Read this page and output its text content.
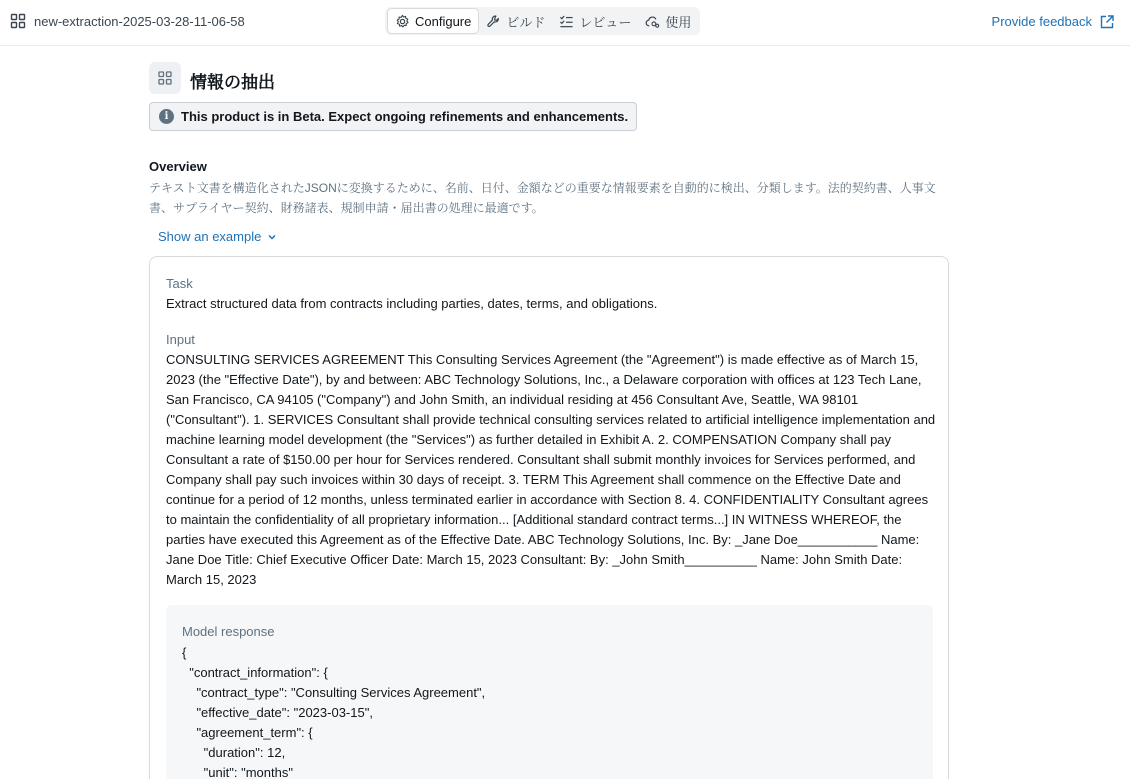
new-extraction-2025-03-28-11-06-58	Configure	ビルド	レビュー	使用	Provide feedback
情報の抽出
i This product is in Beta. Expect ongoing refinements and enhancements.
Overview
テキスト文書を構造化されたJSONに変換するために、名前、日付、金額などの重要な情報要素を自動的に検出、分類します。法的契約書、人事文書、サプライヤー契約、財務諸表、規制申請・届出書の処理に最適です。
Show an example
Task
Extract structured data from contracts including parties, dates, terms, and obligations.
Input
CONSULTING SERVICES AGREEMENT This Consulting Services Agreement (the "Agreement") is made effective as of March 15, 2023 (the "Effective Date"), by and between: ABC Technology Solutions, Inc., a Delaware corporation with offices at 123 Tech Lane, San Francisco, CA 94105 ("Company") and John Smith, an individual residing at 456 Consultant Ave, Seattle, WA 98101 ("Consultant"). 1. SERVICES Consultant shall provide technical consulting services related to artificial intelligence implementation and machine learning model development (the "Services") as further detailed in Exhibit A. 2. COMPENSATION Company shall pay Consultant a rate of $150.00 per hour for Services rendered. Consultant shall submit monthly invoices for Services performed, and Company shall pay such invoices within 30 days of receipt. 3. TERM This Agreement shall commence on the Effective Date and continue for a period of 12 months, unless terminated earlier in accordance with Section 8. 4. CONFIDENTIALITY Consultant agrees to maintain the confidentiality of all proprietary information... [Additional standard contract terms...] IN WITNESS WHEREOF, the parties have executed this Agreement as of the Effective Date. ABC Technology Solutions, Inc. By: _Jane Doe___________ Name: Jane Doe Title: Chief Executive Officer Date: March 15, 2023 Consultant: By: _John Smith__________ Name: John Smith Date: March 15, 2023
Model response
{
"contract_information": {
"contract_type": "Consulting Services Agreement",
"effective_date": "2023-03-15",
"agreement_term": {
"duration": 12,
"unit": "months"
